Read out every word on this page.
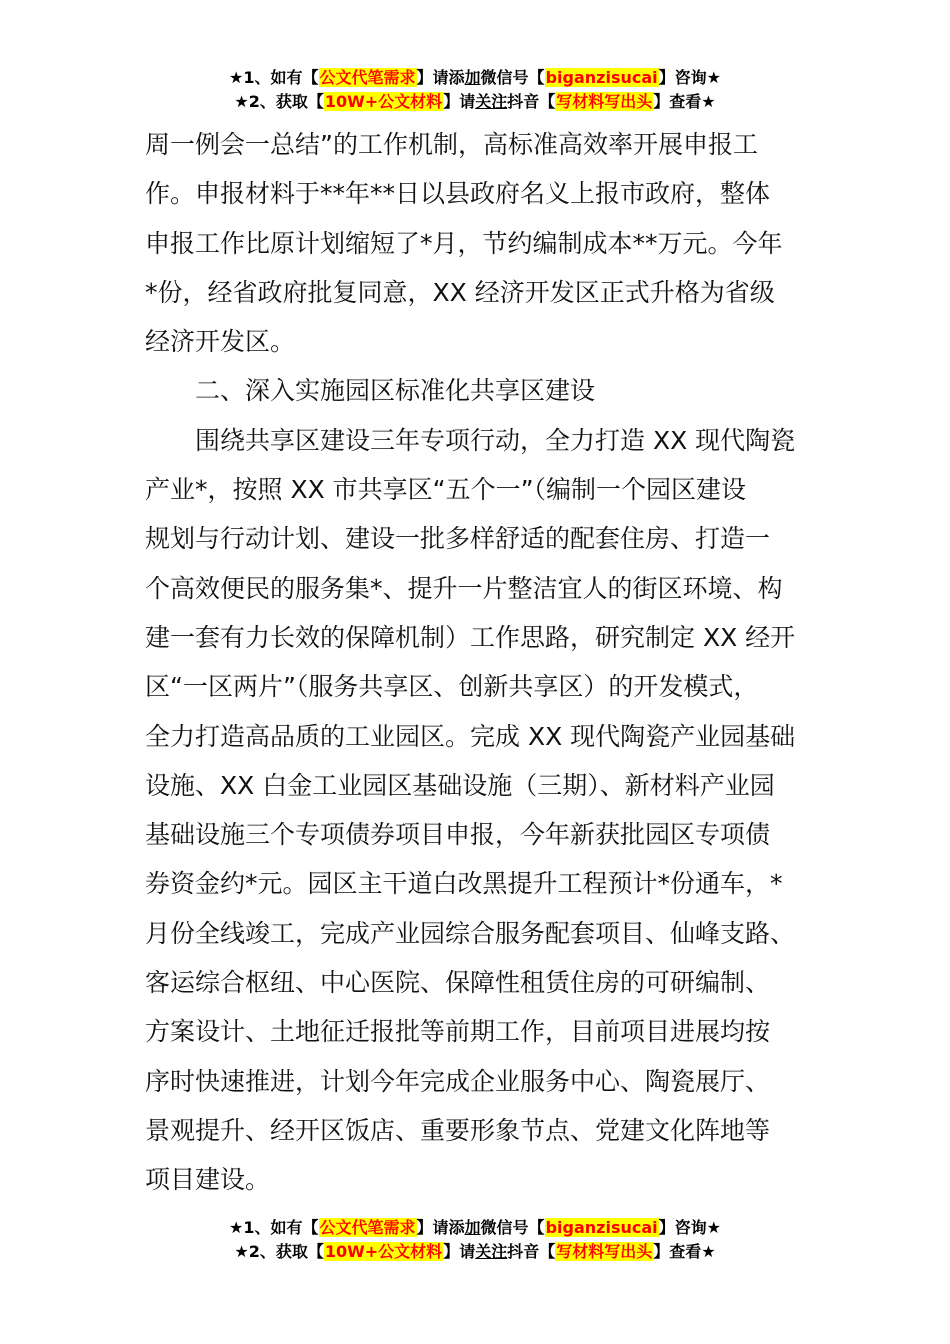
★1、如有【公文代笔需求】请添加微信号【biganzisucai】咨询★
★2、获取【10W+公文材料】请关注抖音【写材料写出头】查看★

周一例会一总结”的工作机制，高标准高效率开展申报工

作。申报材料于**年**日以县政府名义上报市政府，整体

申报工作比原计划缩短了*月，节约编制成本**万元。今年

*份，经省政府批复同意，XX 经济开发区正式升格为省级

经济开发区。

二、深入实施园区标准化共享区建设

围绕共享区建设三年专项行动，全力打造 XX 现代陶瓷

产业*，按照 XX 市共享区“五个一”（编制一个园区建设

规划与行动计划、建设一批多样舒适的配套住房、打造一

个高效便民的服务集*、提升一片整洁宜人的街区环境、构

建一套有力长效的保障机制）工作思路，研究制定 XX 经开

区“一区两片”（服务共享区、创新共享区）的开发模式，

全力打造高品质的工业园区。完成 XX 现代陶瓷产业园基础

设施、XX 白金工业园区基础设施（三期）、新材料产业园

基础设施三个专项债券项目申报，今年新获批园区专项债

券资金约*元。园区主干道白改黑提升工程预计*份通车，*

月份全线竣工，完成产业园综合服务配套项目、仙峰支路、

客运综合枢纽、中心医院、保障性租赁住房的可研编制、

方案设计、土地征迁报批等前期工作，目前项目进展均按

序时快速推进，计划今年完成企业服务中心、陶瓷展厅、

景观提升、经开区饭店、重要形象节点、党建文化阵地等

项目建设。

★1、如有【公文代笔需求】请添加微信号【biganzisucai】咨询★
★2、获取【10W+公文材料】请关注抖音【写材料写出头】查看★
